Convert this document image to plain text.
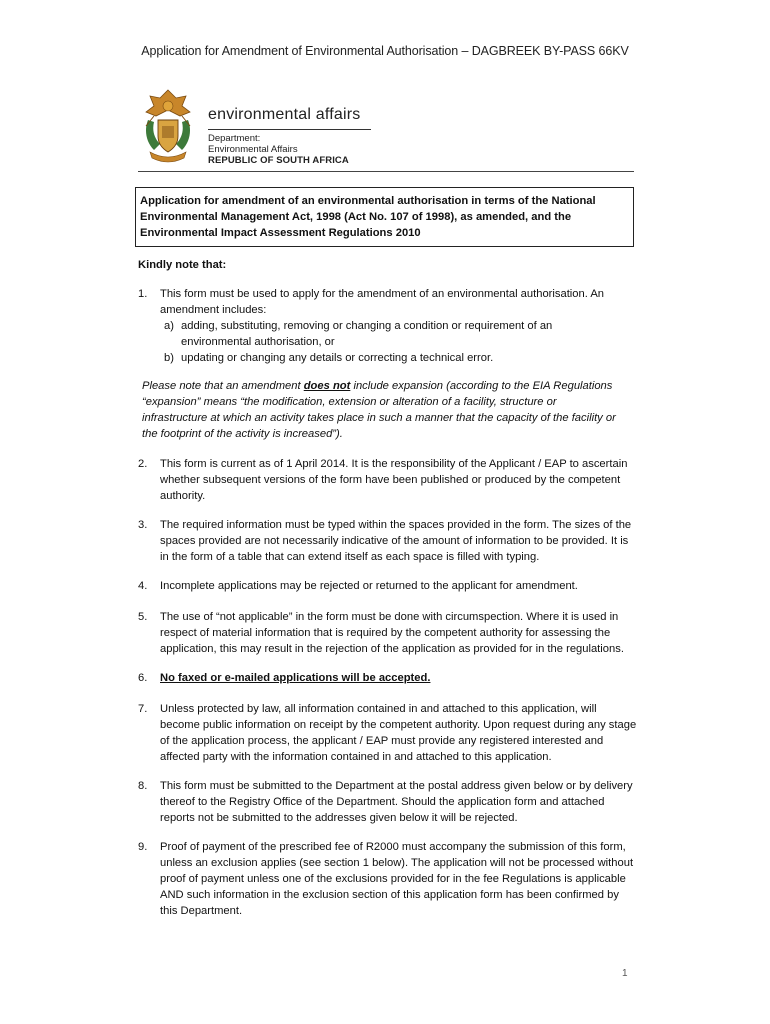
Application for Amendment of Environmental Authorisation – DAGBREEK BY-PASS 66KV
environmental affairs
Department:
Environmental Affairs
REPUBLIC OF SOUTH AFRICA
Application for amendment of an environmental authorisation in terms of the National Environmental Management Act, 1998 (Act No. 107 of 1998), as amended, and the Environmental Impact Assessment Regulations 2010
Kindly note that:
1.	This form must be used to apply for the amendment of an environmental authorisation. An amendment includes:
a) adding, substituting, removing or changing a condition or requirement of an environmental authorisation, or
b) updating or changing any details or correcting a technical error.
Please note that an amendment does not include expansion (according to the EIA Regulations “expansion” means “the modification, extension or alteration of a facility, structure or infrastructure at which an activity takes place in such a manner that the capacity of the facility or the footprint of the activity is increased”).
2.	This form is current as of 1 April 2014. It is the responsibility of the Applicant / EAP to ascertain whether subsequent versions of the form have been published or produced by the competent authority.
3.	The required information must be typed within the spaces provided in the form. The sizes of the spaces provided are not necessarily indicative of the amount of information to be provided. It is in the form of a table that can extend itself as each space is filled with typing.
4.	Incomplete applications may be rejected or returned to the applicant for amendment.
5.	The use of “not applicable” in the form must be done with circumspection. Where it is used in respect of material information that is required by the competent authority for assessing the application, this may result in the rejection of the application as provided for in the regulations.
6.	No faxed or e-mailed applications will be accepted.
7.	Unless protected by law, all information contained in and attached to this application, will become public information on receipt by the competent authority. Upon request during any stage of the application process, the applicant / EAP must provide any registered interested and affected party with the information contained in and attached to this application.
8.	This form must be submitted to the Department at the postal address given below or by delivery thereof to the Registry Office of the Department. Should the application form and attached reports not be submitted to the addresses given below it will be rejected.
9.	Proof of payment of the prescribed fee of R2000 must accompany the submission of this form, unless an exclusion applies (see section 1 below). The application will not be processed without proof of payment unless one of the exclusions provided for in the fee Regulations is applicable AND such information in the exclusion section of this application form has been confirmed by this Department.
1
